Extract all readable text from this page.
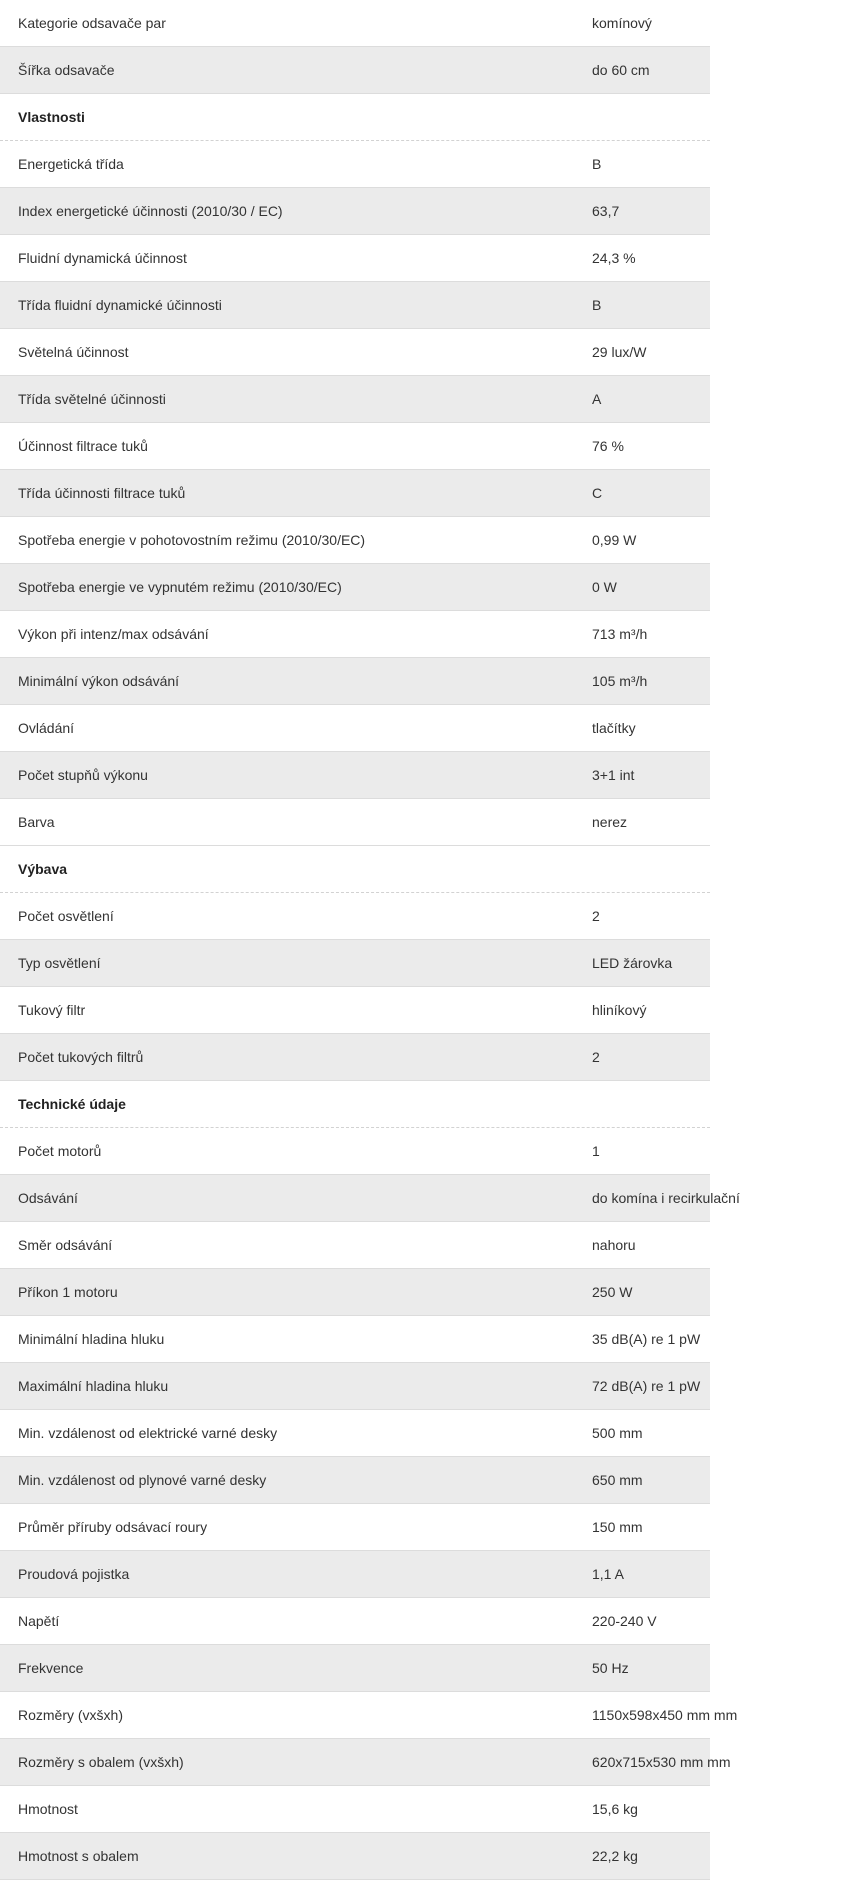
Kategorie odsavače par	komínový
Šířka odsavače	do 60 cm
Vlastnosti
Energetická třída	B
Index energetické účinnosti (2010/30 / EC)	63,7
Fluidní dynamická účinnost	24,3 %
Třída fluidní dynamické účinnosti	B
Světelná účinnost	29 lux/W
Třída světelné účinnosti	A
Účinnost filtrace tuků	76 %
Třída účinnosti filtrace tuků	C
Spotřeba energie v pohotovostním režimu (2010/30/EC)	0,99 W
Spotřeba energie ve vypnutém režimu (2010/30/EC)	0 W
Výkon při intenz/max odsávání	713 m³/h
Minimální výkon odsávání	105 m³/h
Ovládání	tlačítky
Počet stupňů výkonu	3+1 int
Barva	nerez
Výbava
Počet osvětlení	2
Typ osvětlení	LED žárovka
Tukový filtr	hliníkový
Počet tukových filtrů	2
Technické údaje
Počet motorů	1
Odsávání	do komína i recirkulační
Směr odsávání	nahoru
Příkon 1 motoru	250 W
Minimální hladina hluku	35 dB(A) re 1 pW
Maximální hladina hluku	72 dB(A) re 1 pW
Min. vzdálenost od elektrické varné desky	500 mm
Min. vzdálenost od plynové varné desky	650 mm
Průměr příruby odsávací roury	150 mm
Proudová pojistka	1,1 A
Napětí	220-240 V
Frekvence	50 Hz
Rozměry (vxšxh)	1150x598x450 mm mm
Rozměry s obalem (vxšxh)	620x715x530 mm mm
Hmotnost	15,6 kg
Hmotnost s obalem	22,2 kg
